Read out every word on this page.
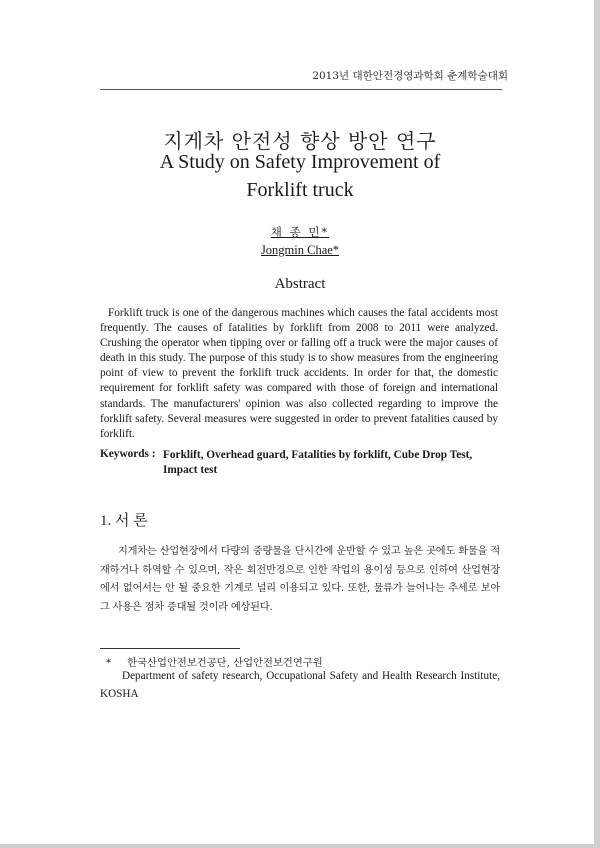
2013년 대한안전경영과학회 춘계학술대회
지게차 안전성 향상 방안 연구
A Study on Safety Improvement of
Forklift truck
채 종 민*
Jongmin Chae*
Abstract
Forklift truck is one of the dangerous machines which causes the fatal accidents most frequently. The causes of fatalities by forklift from 2008 to 2011 were analyzed. Crushing the operator when tipping over or falling off a truck were the major causes of death in this study. The purpose of this study is to show measures from the engineering point of view to prevent the forklift truck accidents. In order for that, the domestic requirement for forklift safety was compared with those of foreign and international standards. The manufacturers' opinion was also collected regarding to improve the forklift safety. Several measures were suggested in order to prevent fatalities caused by forklift.
Keywords : Forklift, Overhead guard, Fatalities by forklift, Cube Drop Test, Impact test
1. 서 론
지게차는 산업현장에서 다량의 중량물을 단시간에 운반할 수 있고 높은 곳에도 화물을 적재하거나 하역할 수 있으며, 작은 회전반경으로 인한 작업의 용이성 등으로 인하여 산업현장에서 없어서는 안 될 중요한 기계로 널리 이용되고 있다. 또한, 물류가 늘어나는 추세로 보아 그 사용은 점차 증대될 것이라 예상된다.
* 한국산업안전보건공단, 산업안전보건연구원
Department of safety research, Occupational Safety and Health Research Institute, KOSHA
